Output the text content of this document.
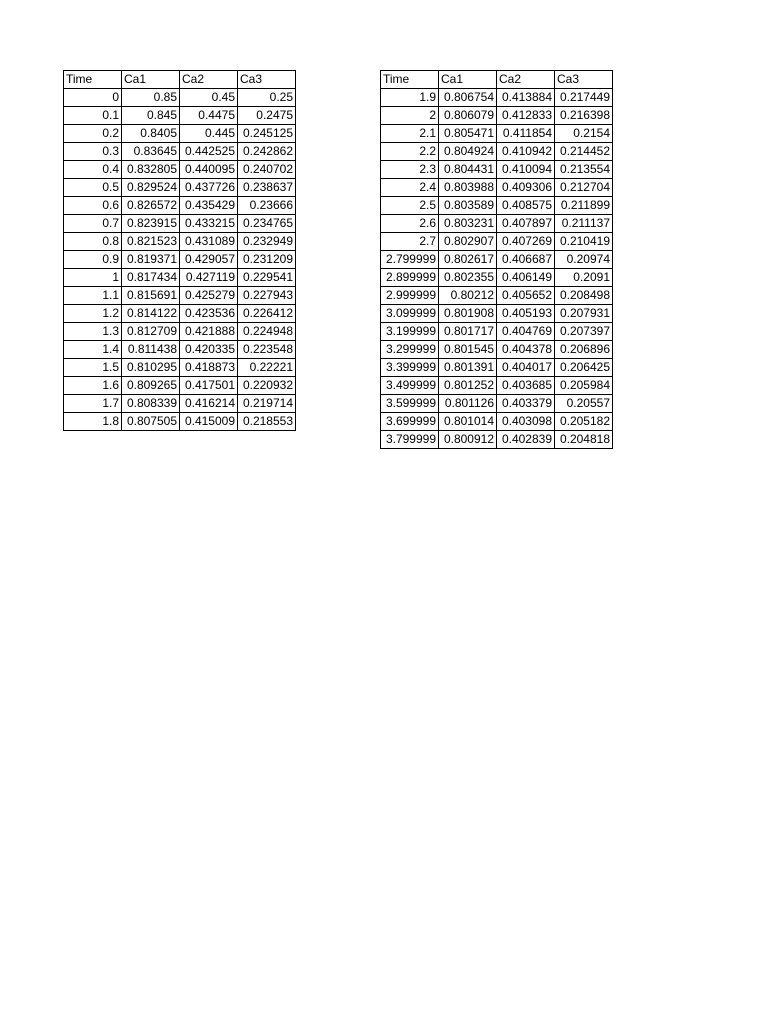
Time	Ca1	Ca2	Ca3
0	0.85	0.45	0.25
0.1	0.845	0.4475	0.2475
0.2	0.8405	0.445	0.245125
0.3	0.83645	0.442525	0.242862
0.4	0.832805	0.440095	0.240702
0.5	0.829524	0.437726	0.238637
0.6	0.826572	0.435429	0.23666
0.7	0.823915	0.433215	0.234765
0.8	0.821523	0.431089	0.232949
0.9	0.819371	0.429057	0.231209
1	0.817434	0.427119	0.229541
1.1	0.815691	0.425279	0.227943
1.2	0.814122	0.423536	0.226412
1.3	0.812709	0.421888	0.224948
1.4	0.811438	0.420335	0.223548
1.5	0.810295	0.418873	0.22221
1.6	0.809265	0.417501	0.220932
1.7	0.808339	0.416214	0.219714
1.8	0.807505	0.415009	0.218553
Time	Ca1	Ca2	Ca3
1.9	0.806754	0.413884	0.217449
2	0.806079	0.412833	0.216398
2.1	0.805471	0.411854	0.2154
2.2	0.804924	0.410942	0.214452
2.3	0.804431	0.410094	0.213554
2.4	0.803988	0.409306	0.212704
2.5	0.803589	0.408575	0.211899
2.6	0.803231	0.407897	0.211137
2.7	0.802907	0.407269	0.210419
2.799999	0.802617	0.406687	0.20974
2.899999	0.802355	0.406149	0.2091
2.999999	0.80212	0.405652	0.208498
3.099999	0.801908	0.405193	0.207931
3.199999	0.801717	0.404769	0.207397
3.299999	0.801545	0.404378	0.206896
3.399999	0.801391	0.404017	0.206425
3.499999	0.801252	0.403685	0.205984
3.599999	0.801126	0.403379	0.20557
3.699999	0.801014	0.403098	0.205182
3.799999	0.800912	0.402839	0.204818
